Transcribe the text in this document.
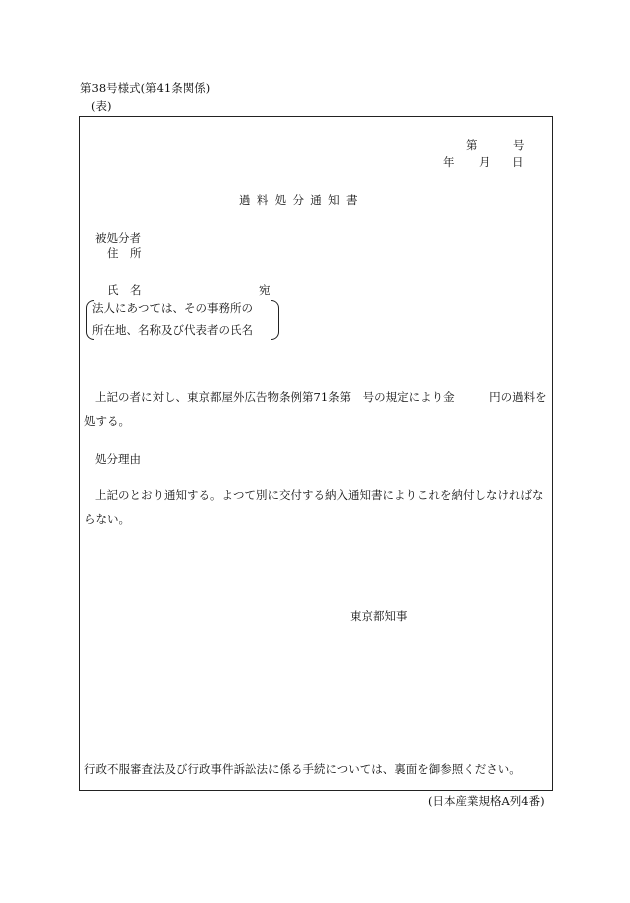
第38号様式(第41条関係)
(表)
第	号
年 月 日
過料処分通知書
被処分者
住　所
氏　名	宛
法人にあつては、その事務所の
所在地、名称及び代表者の氏名
上記の者に対し、東京都屋外広告物条例第71条第　号の規定により金　　　円の過料を
処する。
処分理由
上記のとおり通知する。よつて別に交付する納入通知書によりこれを納付しなければな
らない。
東京都知事
行政不服審査法及び行政事件訴訟法に係る手続については、裏面を御参照ください。
(日本産業規格A列4番)
